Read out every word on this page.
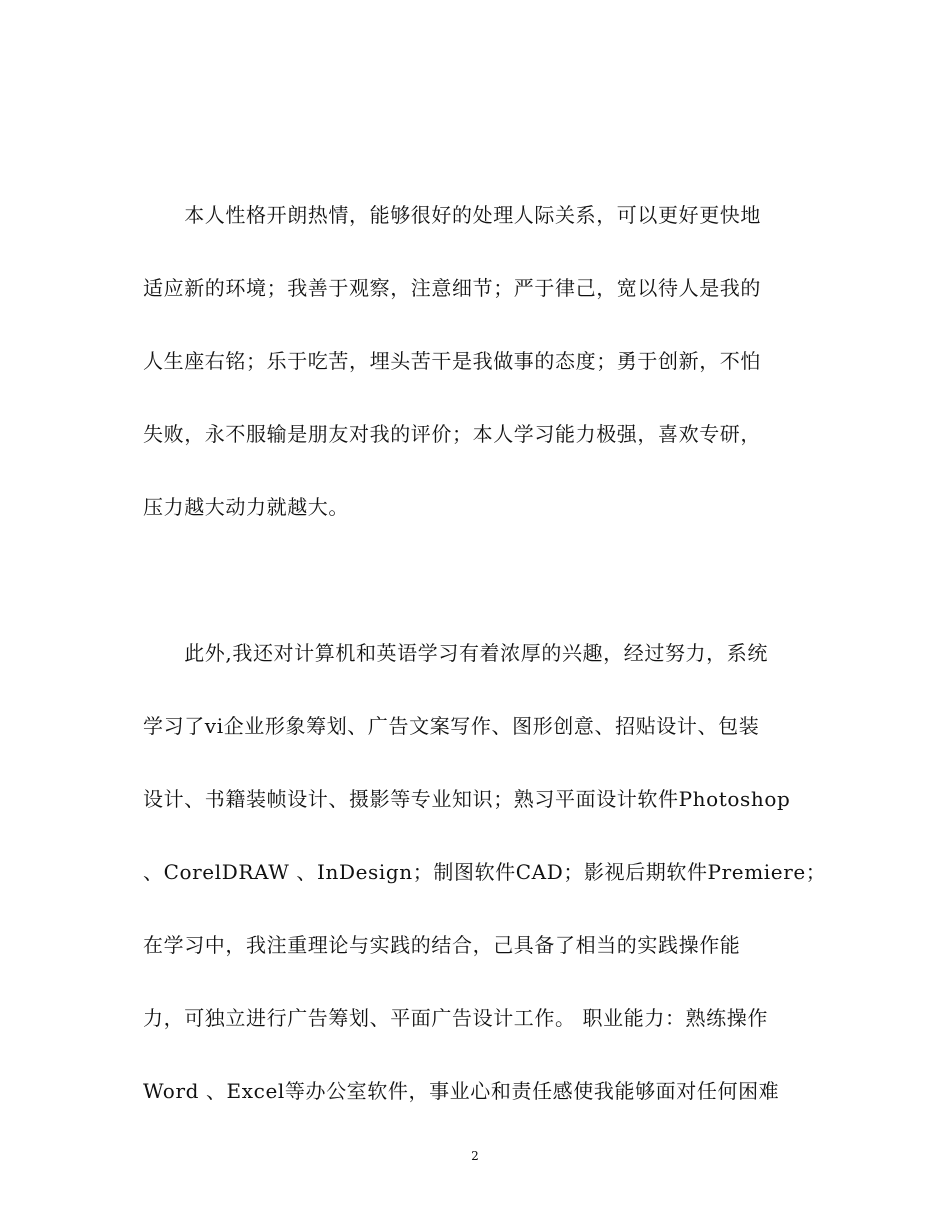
　　本人性格开朗热情，能够很好的处理人际关系，可以更好更快地
适应新的环境；我善于观察，注意细节；严于律己，宽以待人是我的
人生座右铭；乐于吃苦，埋头苦干是我做事的态度；勇于创新，不怕
失败，永不服输是朋友对我的评价；本人学习能力极强，喜欢专研，
压力越大动力就越大。
　　此外,我还对计算机和英语学习有着浓厚的兴趣，经过努力，系统
学习了vi企业形象筹划、广告文案写作、图形创意、招贴设计、包装
设计、书籍装帧设计、摄影等专业知识；熟习平面设计软件Photoshop
、CorelDRAW 、InDesign；制图软件CAD；影视后期软件Premiere；
在学习中，我注重理论与实践的结合，己具备了相当的实践操作能
力，可独立进行广告筹划、平面广告设计工作。 职业能力：熟练操作
Word 、Excel等办公室软件，事业心和责任感使我能够面对任何困难
2
